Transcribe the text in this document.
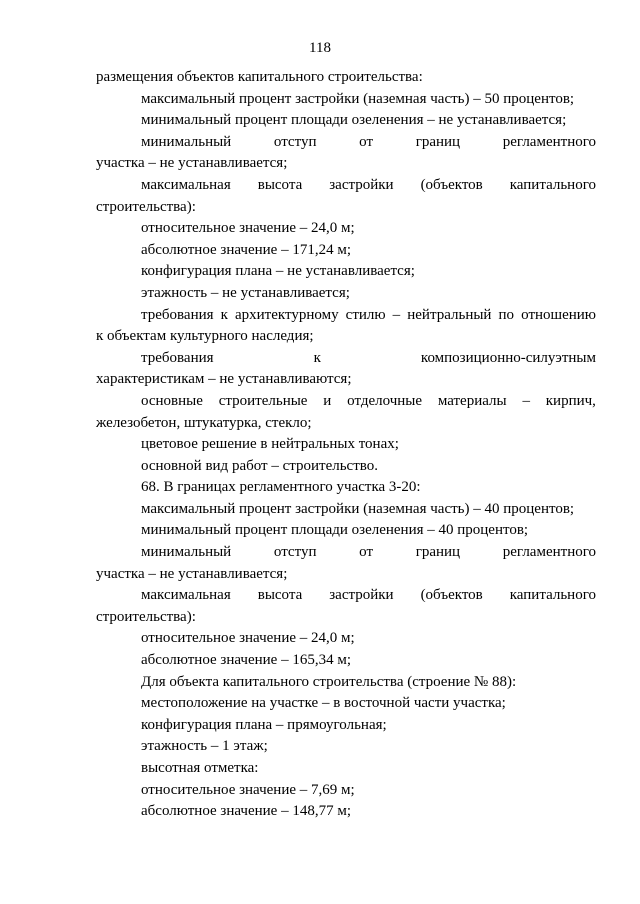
118
размещения объектов капитального строительства:
максимальный процент застройки (наземная часть) – 50 процентов;
минимальный процент площади озеленения – не устанавливается;
минимальный	отступ	от	границ	регламентного
участка – не устанавливается;
максимальная высота застройки (объектов капитального
строительства):
относительное значение – 24,0 м;
абсолютное значение – 171,24 м;
конфигурация плана – не устанавливается;
этажность – не устанавливается;
требования к архитектурному стилю – нейтральный по отношению
к объектам культурного наследия;
требования	к	композиционно-силуэтным
характеристикам – не устанавливаются;
основные строительные и отделочные материалы – кирпич,
железобетон, штукатурка, стекло;
цветовое решение в нейтральных тонах;
основной вид работ – строительство.
68. В границах регламентного участка 3-20:
максимальный процент застройки (наземная часть) – 40 процентов;
минимальный процент площади озеленения – 40 процентов;
минимальный	отступ	от	границ	регламентного
участка – не устанавливается;
максимальная высота застройки (объектов капитального
строительства):
относительное значение – 24,0 м;
абсолютное значение – 165,34 м;
Для объекта капитального строительства (строение № 88):
местоположение на участке – в восточной части участка;
конфигурация плана – прямоугольная;
этажность – 1 этаж;
высотная отметка:
относительное значение – 7,69 м;
абсолютное значение – 148,77 м;
